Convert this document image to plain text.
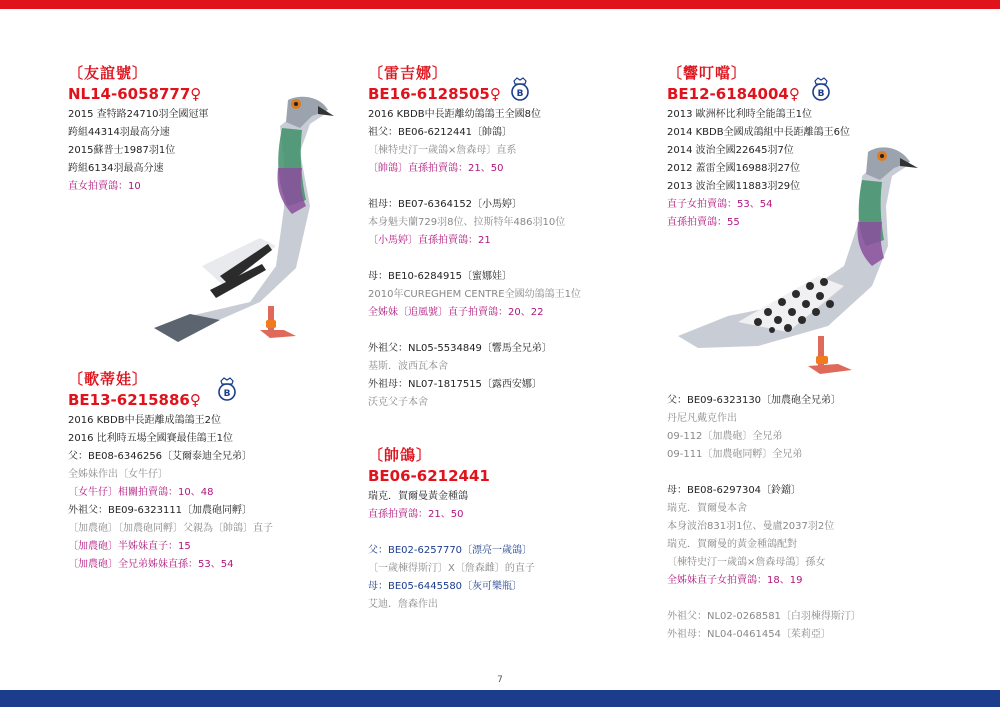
〔友誼號〕
NL14-6058777♀
2015 查特路24710羽全國冠軍
跨組44314羽最高分速
2015蘇普士1987羽1位
跨組6134羽最高分速
直女拍賣鴿：10
〔歌蒂娃〕
BE13-6215886♀
2016 KBDB中長距離成鴿鴿王2位
2016 比利時五場全國賽最佳鴿王1位
父：BE08-6346256〔艾爾泰迪全兄弟〕
全姊妹作出〔女牛仔〕
〔女牛仔〕相關拍賣鴿：10、48
外祖父：BE09-6323111〔加農砲同孵〕
〔加農砲〕〔加農砲同孵〕父親為〔帥鴿〕直子
〔加農砲〕半姊妹直子：15
〔加農砲〕全兄弟姊妹直孫：53、54
〔雷吉娜〕
BE16-6128505♀
2016 KBDB中長距離幼鴿鴿王全國8位
祖父：BE06-6212441〔帥鴿〕
〔棟特史汀一歲鴿×詹森母〕直系
〔帥鴿〕直孫拍賣鴿：21、50
祖母：BE07-6364152〔小馬婷〕
本身魁夫蘭729羽8位、拉斯特年486羽10位
〔小馬婷〕直孫拍賣鴿：21
母：BE10-6284915〔蜜娜娃〕
2010年CUREGHEM CENTRE全國幼鴿鴿王1位
全姊妹〔追風號〕直子拍賣鴿：20、22
外祖父：NL05-5534849〔響馬全兄弟〕
基斯．波西瓦本舍
外祖母：NL07-1817515〔露西安娜〕
沃克父子本舍
〔帥鴿〕
BE06-6212441
瑞克．賀爾曼黃金種鴿
直孫拍賣鴿：21、50
父：BE02-6257770〔漂亮一歲鴿〕
〔一歲棟得斯汀〕X〔詹森雌〕的直子
母：BE05-6445580〔灰可樂瓶〕
艾迪．詹森作出
〔響叮噹〕
BE12-6184004♀
2013 歐洲杯比利時全能鴿王1位
2014 KBDB全國成鴿組中長距離鴿王6位
2014 波治全國22645羽7位
2012 蓋雷全國16988羽27位
2013 波治全國11883羽29位
直子女拍賣鴿：53、54
直孫拍賣鴿：55
父：BE09-6323130〔加農砲全兄弟〕
丹尼凡戴克作出
09-112〔加農砲〕全兄弟
09-111〔加農砲同孵〕全兄弟
母：BE08-6297304〔鈴鐺〕
瑞克．賀爾曼本舍
本身波治831羽1位、曼盧2037羽2位
瑞克．賀爾曼的黃金種鴿配對
〔棟特史汀一歲鴿×詹森母鴿〕孫女
全姊妹直子女拍賣鴿：18、19
外祖父：NL02-0268581〔白羽棟得斯汀〕
外祖母：NL04-0461454〔茱莉亞〕
B
B	B
7
